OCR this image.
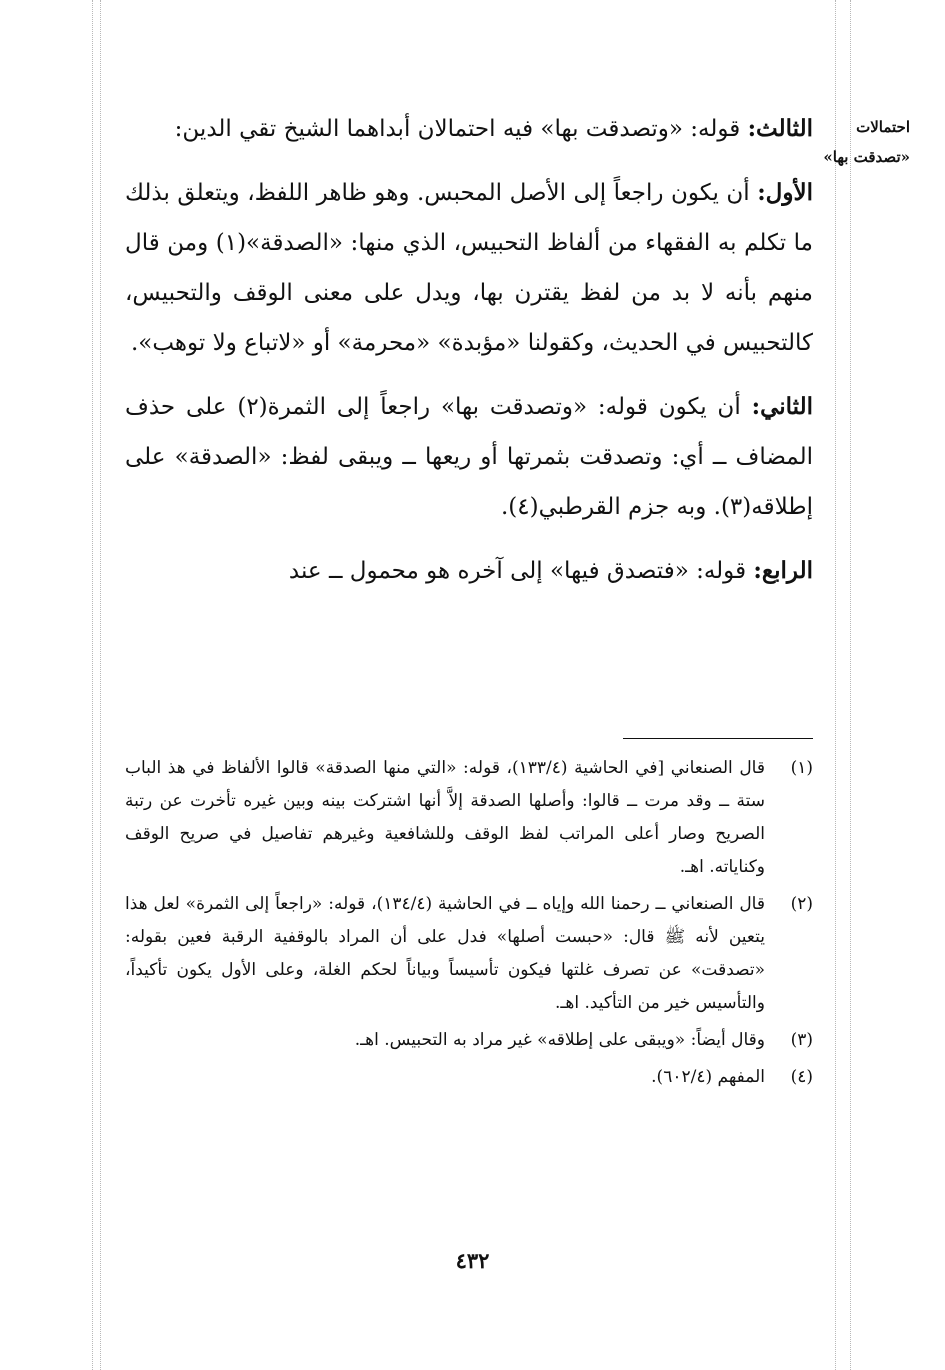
احتمالات «تصدقت بها»

الثالث: قوله: «وتصدقت بها» فيه احتمالان أبداهما الشيخ تقي الدين:

الأول: أن يكون راجعاً إلى الأصل المحبس. وهو ظاهر اللفظ، ويتعلق بذلك ما تكلم به الفقهاء من ألفاظ التحبيس، الذي منها: «الصدقة»(١) ومن قال منهم بأنه لا بد من لفظ يقترن بها، ويدل على معنى الوقف والتحبيس، كالتحبيس في الحديث، وكقولنا «مؤبدة» «محرمة» أو «لاتباع ولا توهب».

الثاني: أن يكون قوله: «وتصدقت بها» راجعاً إلى الثمرة(٢) على حذف المضاف ــ أي: وتصدقت بثمرتها أو ريعها ــ ويبقى لفظ: «الصدقة» على إطلاقه(٣). وبه جزم القرطبي(٤).

الرابع: قوله: «فتصدق فيها» إلى آخره هو محمول ــ عند

(١)
قال الصنعاني [في الحاشية (١٣٣/٤)، قوله: «التي منها الصدقة» قالوا الألفاظ في هذ الباب ستة ــ وقد مرت ــ قالوا: وأصلها الصدقة إلاَّ أنها اشتركت بينه وبين غيره تأخرت عن رتبة الصريح وصار أعلى المراتب لفظ الوقف وللشافعية وغيرهم تفاصيل في صريح الوقف وكناياته. اهـ.
(٢)
قال الصنعاني ــ رحمنا الله وإياه ــ في الحاشية (١٣٤/٤)، قوله: «راجعاً إلى الثمرة» لعل هذا يتعين لأنه ﷺ قال: «حبست أصلها» فدل على أن المراد بالوقفية الرقبة فعين بقوله: «تصدقت» عن تصرف غلتها فيكون تأسيساً وبياناً لحكم الغلة، وعلى الأول يكون تأكيداً، والتأسيس خير من التأكيد. اهـ.
(٣)
وقال أيضاً: «ويبقى على إطلاقه» غير مراد به التحبيس. اهـ.
(٤)
المفهم (٦٠٢/٤).
٤٣٢
